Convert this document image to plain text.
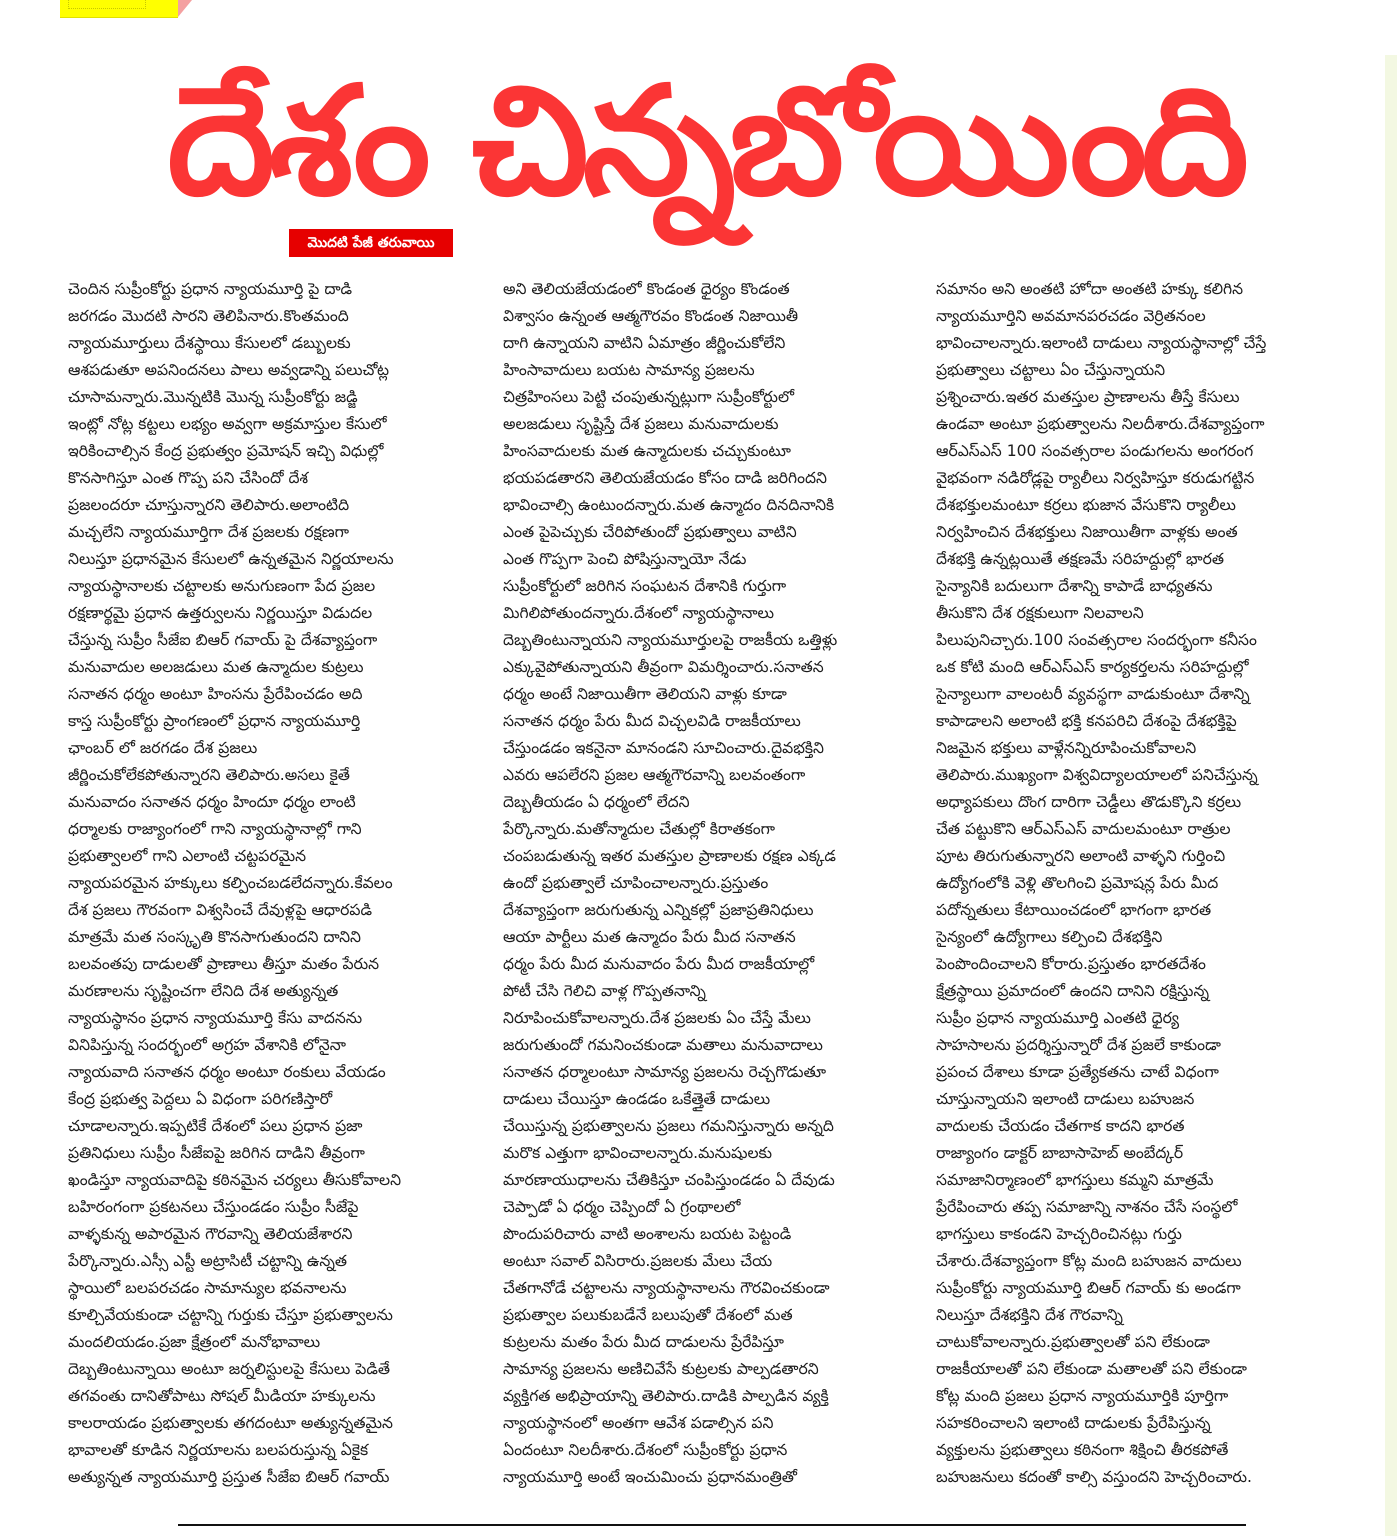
దేశం చిన్నబోయింది
మొదటి పేజీ తరువాయి
చెందిన సుప్రీంకోర్టు ప్రధాన న్యాయమూర్తి పై దాడి
జరగడం మొదటి సారని తెలిపినారు.కొంతమంది
న్యాయమూర్తులు దేశస్థాయి కేసులలో డబ్బులకు
ఆశపడుతూ అపనిందనలు పాలు అవ్వడాన్ని పలుచోట్ల
చూసామన్నారు.మొన్నటికి మొన్న సుప్రీంకోర్టు జడ్జి
ఇంట్లో నోట్ల కట్టలు లభ్యం అవ్వగా అక్రమాస్తుల కేసులో
ఇరికించాల్సిన కేంద్ర ప్రభుత్వం ప్రమోషన్ ఇచ్చి విధుల్లో
కొనసాగిస్తూ ఎంత గొప్ప పని చేసిందో దేశ
ప్రజలందరూ చూస్తున్నారని తెలిపారు.అలాంటిది
మచ్చలేని న్యాయమూర్తిగా దేశ ప్రజలకు రక్షణగా
నిలుస్తూ ప్రధానమైన కేసులలో ఉన్నతమైన నిర్ణయాలను
న్యాయస్థానాలకు చట్టాలకు అనుగుణంగా పేద ప్రజల
రక్షణార్థమై ప్రధాన ఉత్తర్వులను నిర్ణయిస్తూ విడుదల
చేస్తున్న సుప్రీం సీజేఐ బిఆర్ గవాయ్ పై దేశవ్యాప్తంగా
మనువాదుల అలజడులు మత ఉన్మాదుల కుట్రలు
సనాతన ధర్మం అంటూ హింసను ప్రేరేపించడం అది
కాస్త సుప్రీంకోర్టు ప్రాంగణంలో ప్రధాన న్యాయమూర్తి
ఛాంబర్ లో జరగడం దేశ ప్రజలు
జీర్ణించుకోలేకపోతున్నారని తెలిపారు.అసలు కైతే
మనువాదం సనాతన ధర్మం హిందూ ధర్మం లాంటి
ధర్మాలకు రాజ్యాంగంలో గాని న్యాయస్థానాల్లో గాని
ప్రభుత్వాలలో గాని ఎలాంటి చట్టపరమైన
న్యాయపరమైన హక్కులు కల్పించబడలేదన్నారు.కేవలం
దేశ ప్రజలు గౌరవంగా విశ్వసించే దేవుళ్లపై ఆధారపడి
మాత్రమే మత సంస్కృతి కొనసాగుతుందని దానిని
బలవంతపు దాడులతో ప్రాణాలు తీస్తూ మతం పేరున
మరణాలను సృష్టించగా లేనిది దేశ అత్యున్నత
న్యాయస్థానం ప్రధాన న్యాయమూర్తి కేసు వాదనను
వినిపిస్తున్న సందర్భంలో అగ్రహ వేశానికి లోనైనా
న్యాయవాది సనాతన ధర్మం అంటూ రంకులు వేయడం
కేంద్ర ప్రభుత్వ పెద్దలు ఏ విధంగా పరిగణిస్తారో
చూడాలన్నారు.ఇప్పటికే దేశంలో పలు ప్రధాన ప్రజా
ప్రతినిధులు సుప్రీం సీజేఐపై జరిగిన దాడిని తీవ్రంగా
ఖండిస్తూ న్యాయవాదిపై కఠినమైన చర్యలు తీసుకోవాలని
బహిరంగంగా ప్రకటనలు చేస్తుండడం సుప్రీం సీజేపై
వాళ్ళకున్న అపారమైన గౌరవాన్ని తెలియజేశారని
పేర్కొన్నారు.ఎస్సీ ఎస్టీ అట్రాసిటీ చట్టాన్ని ఉన్నత
స్థాయిలో బలపరచడం సామాన్యుల భవనాలను
కూల్చివేయకుండా చట్టాన్ని గుర్తుకు చేస్తూ ప్రభుత్వాలను
మందలియడం.ప్రజా క్షేత్రంలో మనోభావాలు
దెబ్బతింటున్నాయి అంటూ జర్నలిస్టులపై కేసులు పెడితే
తగవంతు దానితోపాటు సోషల్ మీడియా హక్కులను
కాలరాయడం ప్రభుత్వాలకు తగదంటూ అత్యున్నతమైన
భావాలతో కూడిన నిర్ణయాలను బలపరుస్తున్న ఏకైక
అత్యున్నత న్యాయమూర్తి ప్రస్తుత సీజేఐ బిఆర్ గవాయ్
అని తెలియజేయడంలో కొండంత ధైర్యం కొండంత
విశ్వాసం ఉన్నంత ఆత్మగౌరవం కొండంత నిజాయితీ
దాగి ఉన్నాయని వాటిని ఏమాత్రం జీర్ణించుకోలేని
హింసావాదులు బయట సామాన్య ప్రజలను
చిత్రహింసలు పెట్టి చంపుతున్నట్లుగా సుప్రీంకోర్టులో
అలజడులు సృష్టిస్తే దేశ ప్రజలు మనువాదులకు
హింసవాదులకు మత ఉన్మాదులకు చచ్చుకుంటూ
భయపడతారని తెలియజేయడం కోసం దాడి జరిగిందని
భావించాల్సి ఉంటుందన్నారు.మత ఉన్మాదం దినదినానికి
ఎంత పైపెచ్చుకు చేరిపోతుందో ప్రభుత్వాలు వాటిని
ఎంత గొప్పగా పెంచి పోషిస్తున్నాయో నేడు
సుప్రీంకోర్టులో జరిగిన సంఘటన దేశానికి గుర్తుగా
మిగిలిపోతుందన్నారు.దేశంలో న్యాయస్థానాలు
దెబ్బతింటున్నాయని న్యాయమూర్తులపై రాజకీయ ఒత్తిళ్లు
ఎక్కువైపోతున్నాయని తీవ్రంగా విమర్శించారు.సనాతన
ధర్మం అంటే నిజాయితీగా తెలియని వాళ్లు కూడా
సనాతన ధర్మం పేరు మీద విచ్చలవిడి రాజకీయాలు
చేస్తుండడం ఇకనైనా మానండని సూచించారు.దైవభక్తిని
ఎవరు ఆపలేరని ప్రజల ఆత్మగౌరవాన్ని బలవంతంగా
దెబ్బతీయడం ఏ ధర్మంలో లేదని
పేర్కొన్నారు.మతోన్మాదుల చేతుల్లో కిరాతకంగా
చంపబడుతున్న ఇతర మతస్తుల ప్రాణాలకు రక్షణ ఎక్కడ
ఉందో ప్రభుత్వాలే చూపించాలన్నారు.ప్రస్తుతం
దేశవ్యాప్తంగా జరుగుతున్న ఎన్నికల్లో ప్రజాప్రతినిధులు
ఆయా పార్టీలు మత ఉన్మాదం పేరు మీద సనాతన
ధర్మం పేరు మీద మనువాదం పేరు మీద రాజకీయాల్లో
పోటీ చేసి గెలిచి వాళ్ల గొప్పతనాన్ని
నిరూపించుకోవాలన్నారు.దేశ ప్రజలకు ఏం చేస్తే మేలు
జరుగుతుందో గమనించకుండా మతాలు మనువాదాలు
సనాతన ధర్మాలంటూ సామాన్య ప్రజలను రెచ్చగొడుతూ
దాడులు చేయిస్తూ ఉండడం ఒకేత్తైతే దాడులు
చేయిస్తున్న ప్రభుత్వాలను ప్రజలు గమనిస్తున్నారు అన్నది
మరొక ఎత్తుగా భావించాలన్నారు.మనుషులకు
మారణాయుధాలను చేతికిస్తూ చంపిస్తుండడం ఏ దేవుడు
చెప్పాడో ఏ ధర్మం చెప్పిందో ఏ గ్రంథాలలో
పొందుపరిచారు వాటి అంశాలను బయట పెట్టండి
అంటూ సవాల్ విసిరారు.ప్రజలకు మేలు చేయ
చేతగానోడే చట్టాలను న్యాయస్థానాలను గౌరవించకుండా
ప్రభుత్వాల పలుకుబడేనే బలుపుతో దేశంలో మత
కుట్రలను మతం పేరు మీద దాడులను ప్రేరేపిస్తూ
సామాన్య ప్రజలను అణిచివేసే కుట్రలకు పాల్పడతారని
వ్యక్తిగత అభిప్రాయాన్ని తెలిపారు.దాడికి పాల్పడిన వ్యక్తి
న్యాయస్థానంలో అంతగా ఆవేశ పడాల్సిన పని
ఏందంటూ నిలదీశారు.దేశంలో సుప్రీంకోర్టు ప్రధాన
న్యాయమూర్తి అంటే ఇంచుమించు ప్రధానమంత్రితో
సమానం అని అంతటి హోదా అంతటి హక్కు కలిగిన
న్యాయమూర్తిని అవమానపరచడం వెర్రితనంల
భావించాలన్నారు.ఇలాంటి దాడులు న్యాయస్థానాల్లో చేస్తే
ప్రభుత్వాలు చట్టాలు ఏం చేస్తున్నాయని
ప్రశ్నించారు.ఇతర మతస్తుల ప్రాణాలను తీస్తే కేసులు
ఉండవా అంటూ ప్రభుత్వాలను నిలదీశారు.దేశవ్యాప్తంగా
ఆర్ఎస్ఎస్ 100 సంవత్సరాల పండుగలను అంగరంగ
వైభవంగా నడిరోడ్లపై ర్యాలీలు నిర్వహిస్తూ కరుడుగట్టిన
దేశభక్తులమంటూ కర్రలు భుజాన వేసుకొని ర్యాలీలు
నిర్వహించిన దేశభక్తులు నిజాయితీగా వాళ్లకు అంత
దేశభక్తి ఉన్నట్లయితే తక్షణమే సరిహద్దుల్లో భారత
సైన్యానికి బదులుగా దేశాన్ని కాపాడే బాధ్యతను
తీసుకొని దేశ రక్షకులుగా నిలవాలని
పిలుపునిచ్చారు.100 సంవత్సరాల సందర్భంగా కనీసం
ఒక కోటి మంది ఆర్ఎస్ఎస్ కార్యకర్తలను సరిహద్దుల్లో
సైన్యాలుగా వాలంటరీ వ్యవస్థగా వాడుకుంటూ దేశాన్ని
కాపాడాలని అలాంటి భక్తి కనపరిచి దేశంపై దేశభక్తిపై
నిజమైన భక్తులు వాళ్లేనన్నిరూపించుకోవాలని
తెలిపారు.ముఖ్యంగా విశ్వవిద్యాలయాలలో పనిచేస్తున్న
అధ్యాపకులు దొంగ దారిగా చెడ్డీలు తొడుక్కొని కర్రలు
చేత పట్టుకొని ఆర్ఎస్ఎస్ వాదులమంటూ రాత్రుల
పూట తిరుగుతున్నారని అలాంటి వాళ్ళని గుర్తించి
ఉద్యోగంలోకి వెళ్లి తొలగించి ప్రమోషన్ల పేరు మీద
పదోన్నతులు కేటాయించడంలో భాగంగా భారత
సైన్యంలో ఉద్యోగాలు కల్పించి దేశభక్తిని
పెంపొందించాలని కోరారు.ప్రస్తుతం భారతదేశం
క్షేత్రస్థాయి ప్రమాదంలో ఉందని దానిని రక్షిస్తున్న
సుప్రీం ప్రధాన న్యాయమూర్తి ఎంతటి ధైర్య
సాహసాలను ప్రదర్శిస్తున్నారో దేశ ప్రజలే కాకుండా
ప్రపంచ దేశాలు కూడా ప్రత్యేకతను చాటే విధంగా
చూస్తున్నాయని ఇలాంటి దాడులు బహుజన
వాదులకు చేయడం చేతగాక కాదని భారత
రాజ్యాంగం డాక్టర్ బాబాసాహెబ్ అంబేద్కర్
సమాజానిర్మాణంలో భాగస్తులు కమ్మని మాత్రమే
ప్రేరేపించారు తప్ప సమాజాన్ని నాశనం చేసే సంస్థలో
భాగస్తులు కాకండని హెచ్చరించినట్లు గుర్తు
చేశారు.దేశవ్యాప్తంగా కోట్ల మంది బహుజన వాదులు
సుప్రీంకోర్టు న్యాయమూర్తి బిఆర్ గవాయ్ కు అండగా
నిలుస్తూ దేశభక్తిని దేశ గౌరవాన్ని
చాటుకోవాలన్నారు.ప్రభుత్వాలతో పని లేకుండా
రాజకీయాలతో పని లేకుండా మతాలతో పని లేకుండా
కోట్ల మంది ప్రజలు ప్రధాన న్యాయమూర్తికి పూర్తిగా
సహకరించాలని ఇలాంటి దాడులకు ప్రేరేపిస్తున్న
వ్యక్తులను ప్రభుత్వాలు కఠినంగా శిక్షించి తీరకపోతే
బహుజనులు కదంతో కాల్సి వస్తుందని హెచ్చరించారు.
